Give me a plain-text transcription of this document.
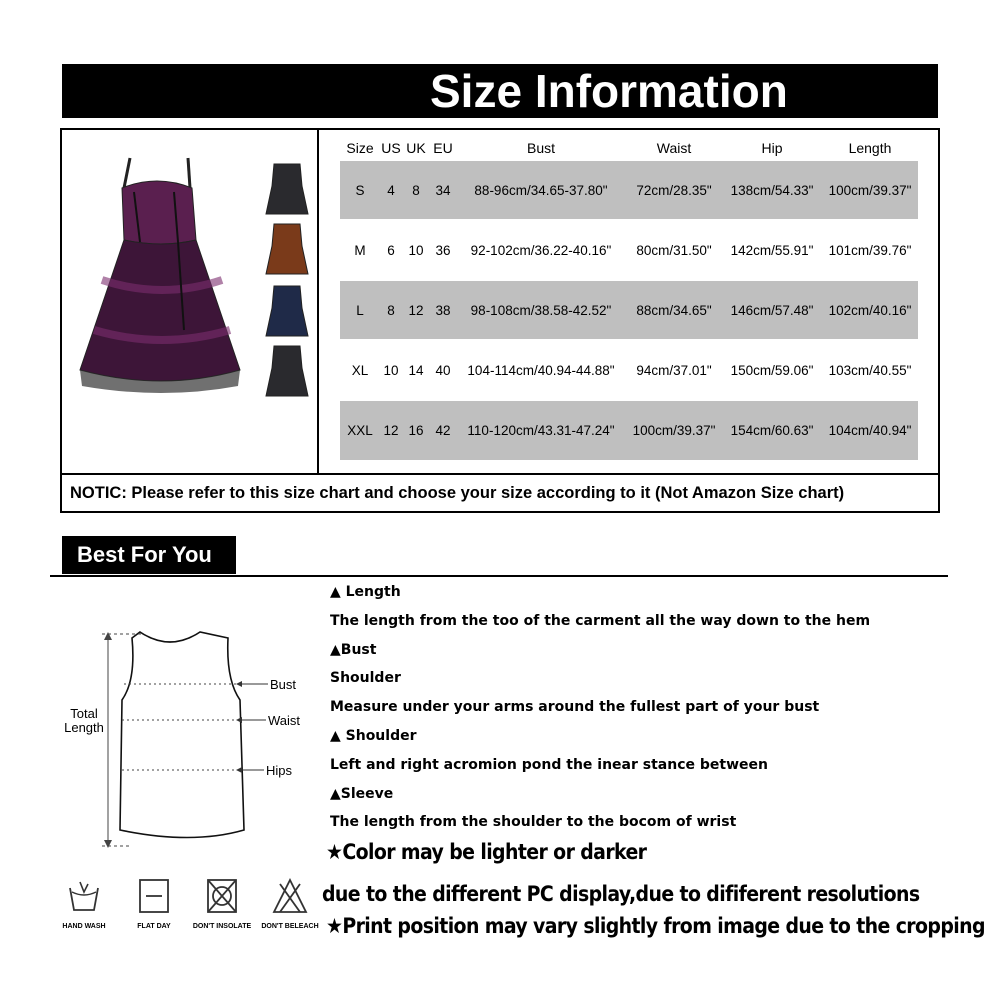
Size Information
Size	US	UK	EU	Bust	Waist	Hip	Length
S	4	8	34	88-96cm/34.65-37.80"	72cm/28.35"	138cm/54.33"	100cm/39.37"
M	6	10	36	92-102cm/36.22-40.16"	80cm/31.50"	142cm/55.91"	101cm/39.76"
L	8	12	38	98-108cm/38.58-42.52"	88cm/34.65"	146cm/57.48"	102cm/40.16"
XL	10	14	40	104-114cm/40.94-44.88"	94cm/37.01"	150cm/59.06"	103cm/40.55"
XXL	12	16	42	110-120cm/43.31-47.24"	100cm/39.37"	154cm/60.63"	104cm/40.94"
NOTIC: Please refer to this size chart and choose your size according to it (Not Amazon Size chart)
Best For You
Bust
Waist
Hips
Total
Length
▲ Length
The length from the too of the carment all the way down to the hem
▲Bust
Shoulder
Measure under your arms around the fullest part of your bust
▲ Shoulder
Left and right acromion pond the inear stance between
▲Sleeve
The length from the shoulder to the bocom of wrist
★Color may be lighter or darker
due to the different PC display,due to dififerent resolutions
★Print position may vary slightly from image due to the cropping
HAND WASH	FLAT DAY	DON'T INSOLATE	DON'T BELEACH
